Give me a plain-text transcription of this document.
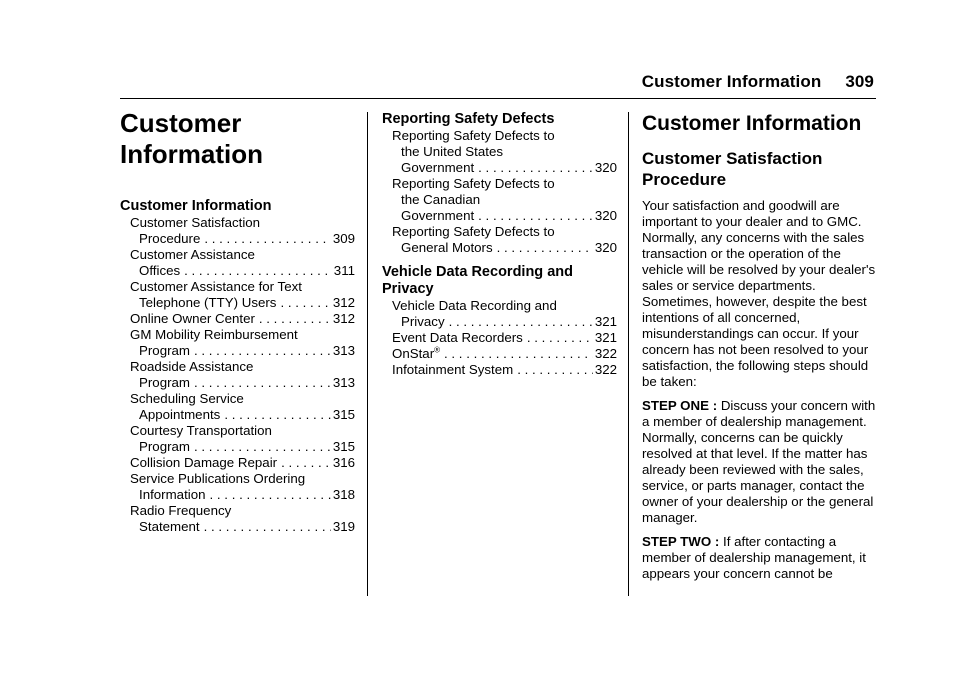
Customer Information 309
Customer
Information
Customer Information
Customer Satisfaction
Procedure . . .	309
Customer Assistance
Offices . . .	311
Customer Assistance for Text
Telephone (TTY) Users . . .	312
Online Owner Center . . .	312
GM Mobility Reimbursement
Program . . .	313
Roadside Assistance
Program . . .	313
Scheduling Service
Appointments . . .	315
Courtesy Transportation
Program . . .	315
Collision Damage Repair . . .	316
Service Publications Ordering
Information . . .	318
Radio Frequency
Statement . . .	319
Reporting Safety Defects
Reporting Safety Defects to
the United States
Government . . .	320
Reporting Safety Defects to
the Canadian
Government . . .	320
Reporting Safety Defects to
General Motors . . .	320
Vehicle Data Recording and
Privacy
Vehicle Data Recording and
Privacy . . .	321
Event Data Recorders . . .	321
OnStar® . . .	322
Infotainment System . . .	322
Customer Information
Customer Satisfaction
Procedure

Your satisfaction and goodwill are important to your dealer and to GMC. Normally, any concerns with the sales transaction or the operation of the vehicle will be resolved by your dealer's sales or service departments. Sometimes, however, despite the best intentions of all concerned, misunderstandings can occur. If your concern has not been resolved to your satisfaction, the following steps should be taken:

STEP ONE : Discuss your concern with a member of dealership management. Normally, concerns can be quickly resolved at that level. If the matter has already been reviewed with the sales, service, or parts manager, contact the owner of your dealership or the general manager.

STEP TWO : If after contacting a member of dealership management, it appears your concern cannot be
